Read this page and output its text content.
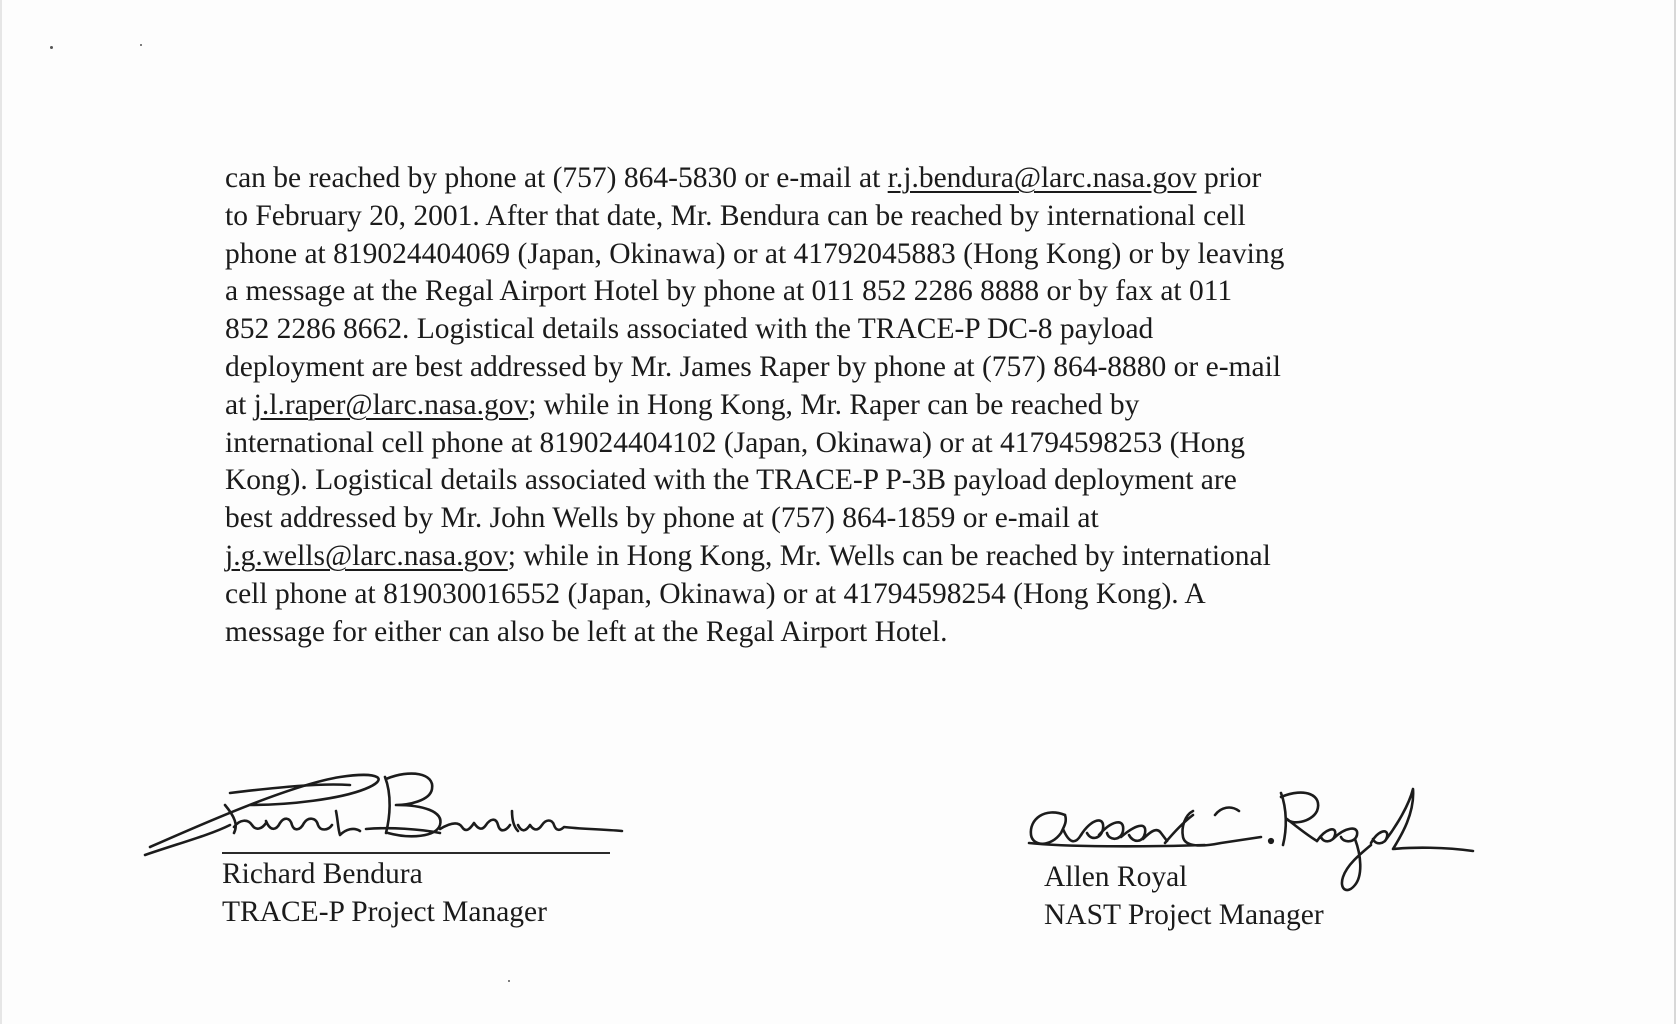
can be reached by phone at (757) 864-5830 or e-mail at r.j.bendura@larc.nasa.gov prior
to February 20, 2001. After that date, Mr. Bendura can be reached by international cell
phone at 819024404069 (Japan, Okinawa) or at 41792045883 (Hong Kong) or by leaving
a message at the Regal Airport Hotel by phone at 011 852 2286 8888 or by fax at 011
852 2286 8662. Logistical details associated with the TRACE-P DC-8 payload
deployment are best addressed by Mr. James Raper by phone at (757) 864-8880 or e-mail
at j.l.raper@larc.nasa.gov; while in Hong Kong, Mr. Raper can be reached by
international cell phone at 819024404102 (Japan, Okinawa) or at 41794598253 (Hong
Kong). Logistical details associated with the TRACE-P P-3B payload deployment are
best addressed by Mr. John Wells by phone at (757) 864-1859 or e-mail at
j.g.wells@larc.nasa.gov; while in Hong Kong, Mr. Wells can be reached by international
cell phone at 819030016552 (Japan, Okinawa) or at 41794598254 (Hong Kong). A
message for either can also be left at the Regal Airport Hotel.
Richard Bendura
TRACE-P Project Manager
Allen Royal
NAST Project Manager
